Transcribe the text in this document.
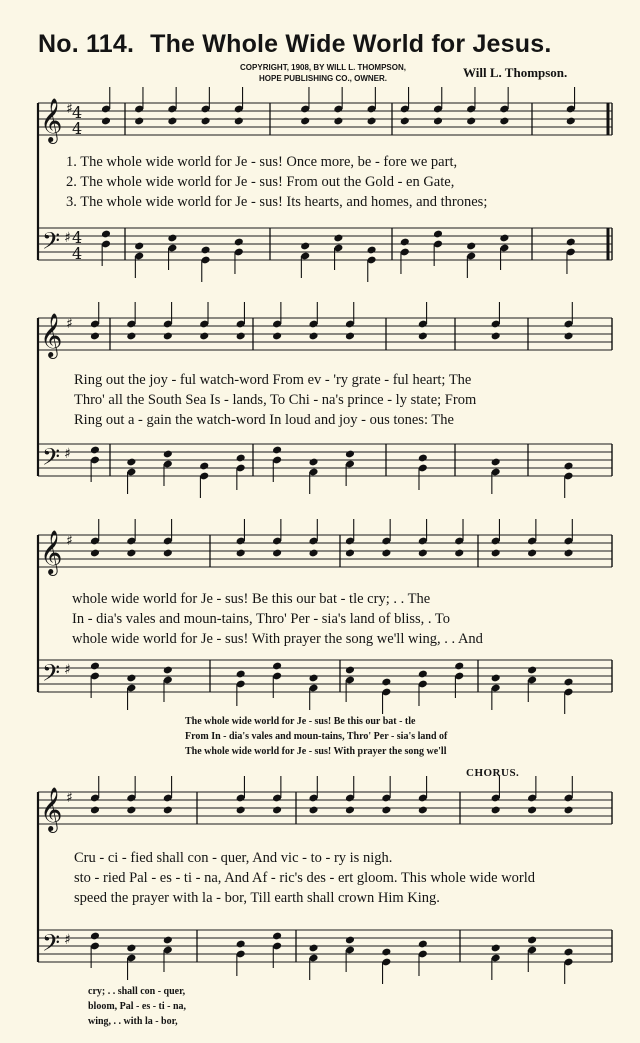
No. 114. The Whole Wide World for Jesus.
COPYRIGHT, 1908, BY WILL L. THOMPSON,
HOPE PUBLISHING CO., OWNER.	Will L. Thompson.
CHORUS.
𝄞
𝄢
♯
♯
4
4
4
4
𝄞
𝄢
♯
♯
𝄞
𝄢
♯
♯
𝄞
𝄢
♯
♯
1. The whole wide world for Je - sus! Once more, be - fore we part,
2. The whole wide world for Je - sus! From out the Gold - en Gate,
3. The whole wide world for Je - sus! Its hearts, and homes, and thrones;
Ring out the joy - ful watch-word From ev - 'ry grate - ful heart; The
Thro' all the South Sea Is - lands, To Chi - na's prince - ly state; From
Ring out a - gain the watch-word In loud and joy - ous tones: The
whole wide world for Je - sus! Be this our bat - tle cry; . . The
In - dia's vales and moun-tains, Thro' Per - sia's land of bliss, . To
whole wide world for Je - sus! With prayer the song we'll wing, . . And
The whole wide world for Je - sus! Be this our bat - tle
From In - dia's vales and moun-tains, Thro' Per - sia's land of
The whole wide world for Je - sus! With prayer the song we'll
Cru - ci - fied shall con - quer, And vic - to - ry is nigh.
sto - ried Pal - es - ti - na, And Af - ric's des - ert gloom. This whole wide world
speed the prayer with la - bor, Till earth shall crown Him King.
cry; . . shall con - quer,
bloom, Pal - es - ti - na,
wing, . . with la - bor,
